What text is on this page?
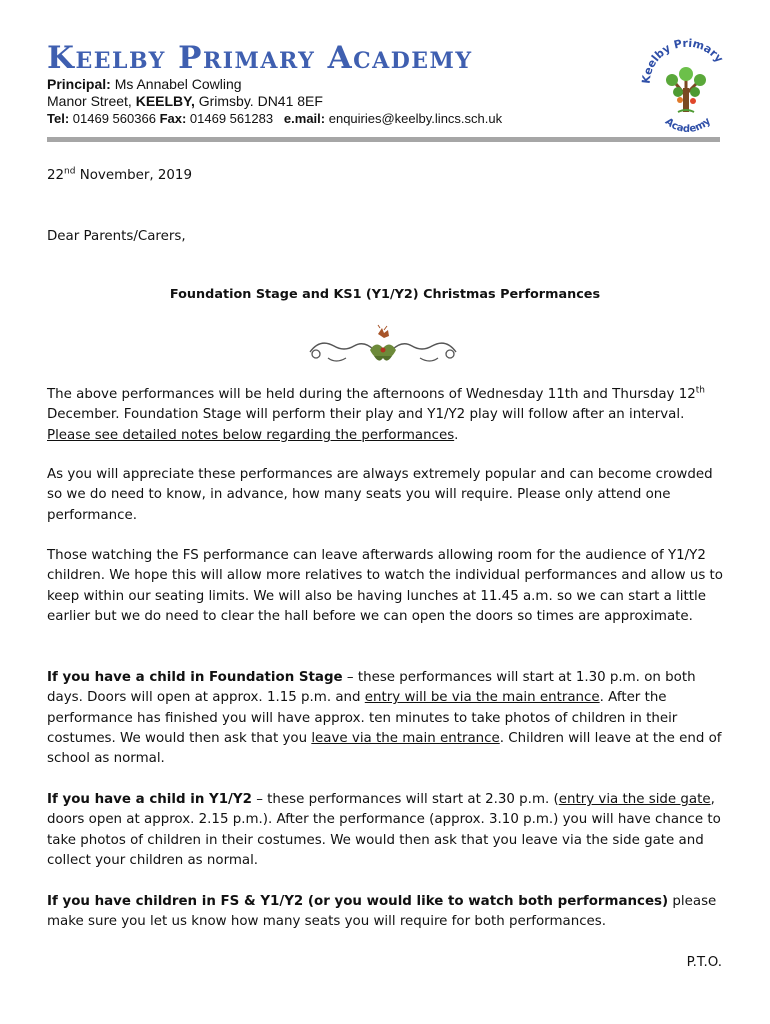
Keelby Primary Academy
Principal: Ms Annabel Cowling
Manor Street, KEELBY, Grimsby. DN41 8EF
Tel: 01469 560366 Fax: 01469 561283 e.mail: enquiries@keelby.lincs.sch.uk
Keelby Primary
Academy
22nd November, 2019
Dear Parents/Carers,
Foundation Stage and KS1 (Y1/Y2) Christmas Performances

The above performances will be held during the afternoons of Wednesday 11th and Thursday 12th December. Foundation Stage will perform their play and Y1/Y2 play will follow after an interval. Please see detailed notes below regarding the performances.

As you will appreciate these performances are always extremely popular and can become crowded so we do need to know, in advance, how many seats you will require. Please only attend one performance.

Those watching the FS performance can leave afterwards allowing room for the audience of Y1/Y2 children. We hope this will allow more relatives to watch the individual performances and allow us to keep within our seating limits. We will also be having lunches at 11.45 a.m. so we can start a little earlier but we do need to clear the hall before we can open the doors so times are approximate.

If you have a child in Foundation Stage – these performances will start at 1.30 p.m. on both days. Doors will open at approx. 1.15 p.m. and entry will be via the main entrance. After the performance has finished you will have approx. ten minutes to take photos of children in their costumes. We would then ask that you leave via the main entrance. Children will leave at the end of school as normal.

If you have a child in Y1/Y2 – these performances will start at 2.30 p.m. (entry via the side gate, doors open at approx. 2.15 p.m.). After the performance (approx. 3.10 p.m.) you will have chance to take photos of children in their costumes. We would then ask that you leave via the side gate and collect your children as normal.

If you have children in FS & Y1/Y2 (or you would like to watch both performances) please make sure you let us know how many seats you will require for both performances.

P.T.O.
